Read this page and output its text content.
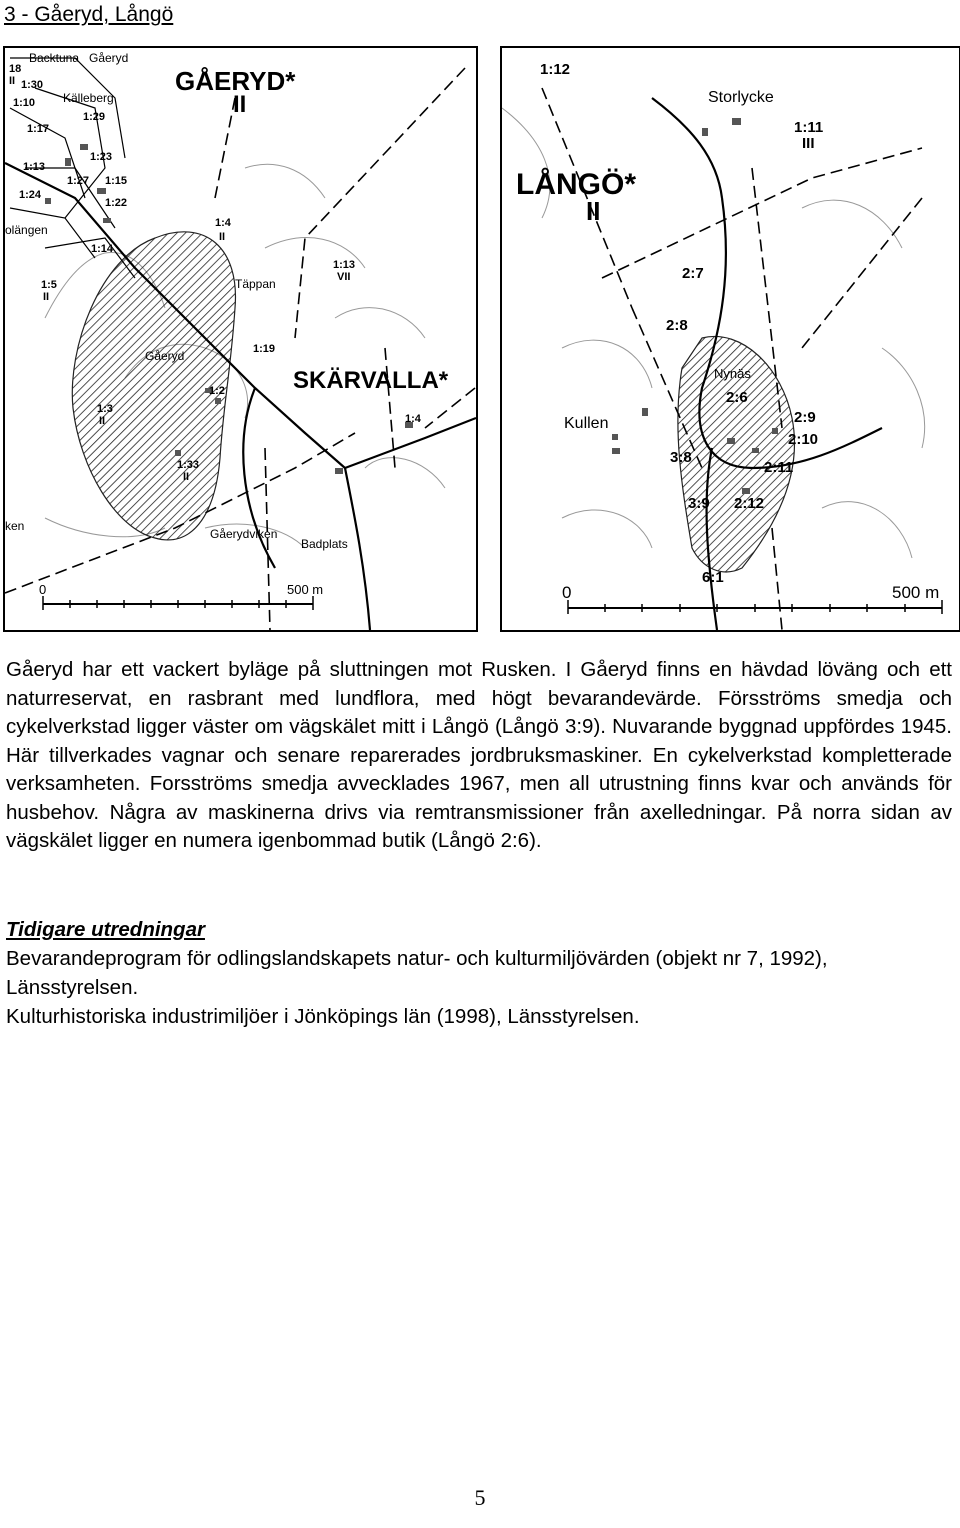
3 - Gåeryd, Långö
GÅERYD*
II
SKÄRVALLA*
Backtuna Gåeryd
Källeberg
Täppan
Gåeryd
Badplats
Gåerydviken
olängen
ken
18
II 1:30
1:10
1:29
1:17
1:23
1:13
1:27 1:15
1:24
1:22
1:14
1:4
II
1:13
VII
1:5
II
1:19
1:2
1:3
II	1:4
1:33
II
0	500 m
LÅNGÖ*
II
Storlycke
Kullen
Nynäs
1:12
1:11
III
2:7
2:8
2:6
2:9
2:10
3:8
2:11
3:9 2:12
6:1
0	500 m

Gåeryd har ett vackert byläge på sluttningen mot Rusken. I Gåeryd finns en hävdad löväng och ett naturreservat, en rasbrant med lundflora, med högt bevarandevärde. Försströms smedja och cykelverkstad ligger väster om vägskälet mitt i Långö (Långö 3:9). Nuvarande byggnad uppfördes 1945. Här tillverkades vagnar och senare reparerades jordbruksmaskiner. En cykelverkstad kompletterade verksamheten. Forsströms smedja avvecklades 1967, men all utrustning finns kvar och används för husbehov. Några av maskinerna drivs via remtransmissioner från axelledningar. På norra sidan av vägskälet ligger en numera igenbommad butik (Långö 2:6).

Tidigare utredningar

Bevarandeprogram för odlingslandskapets natur- och kulturmiljövärden (objekt nr 7, 1992), Länsstyrelsen.

Kulturhistoriska industrimiljöer i Jönköpings län (1998), Länsstyrelsen.

5
